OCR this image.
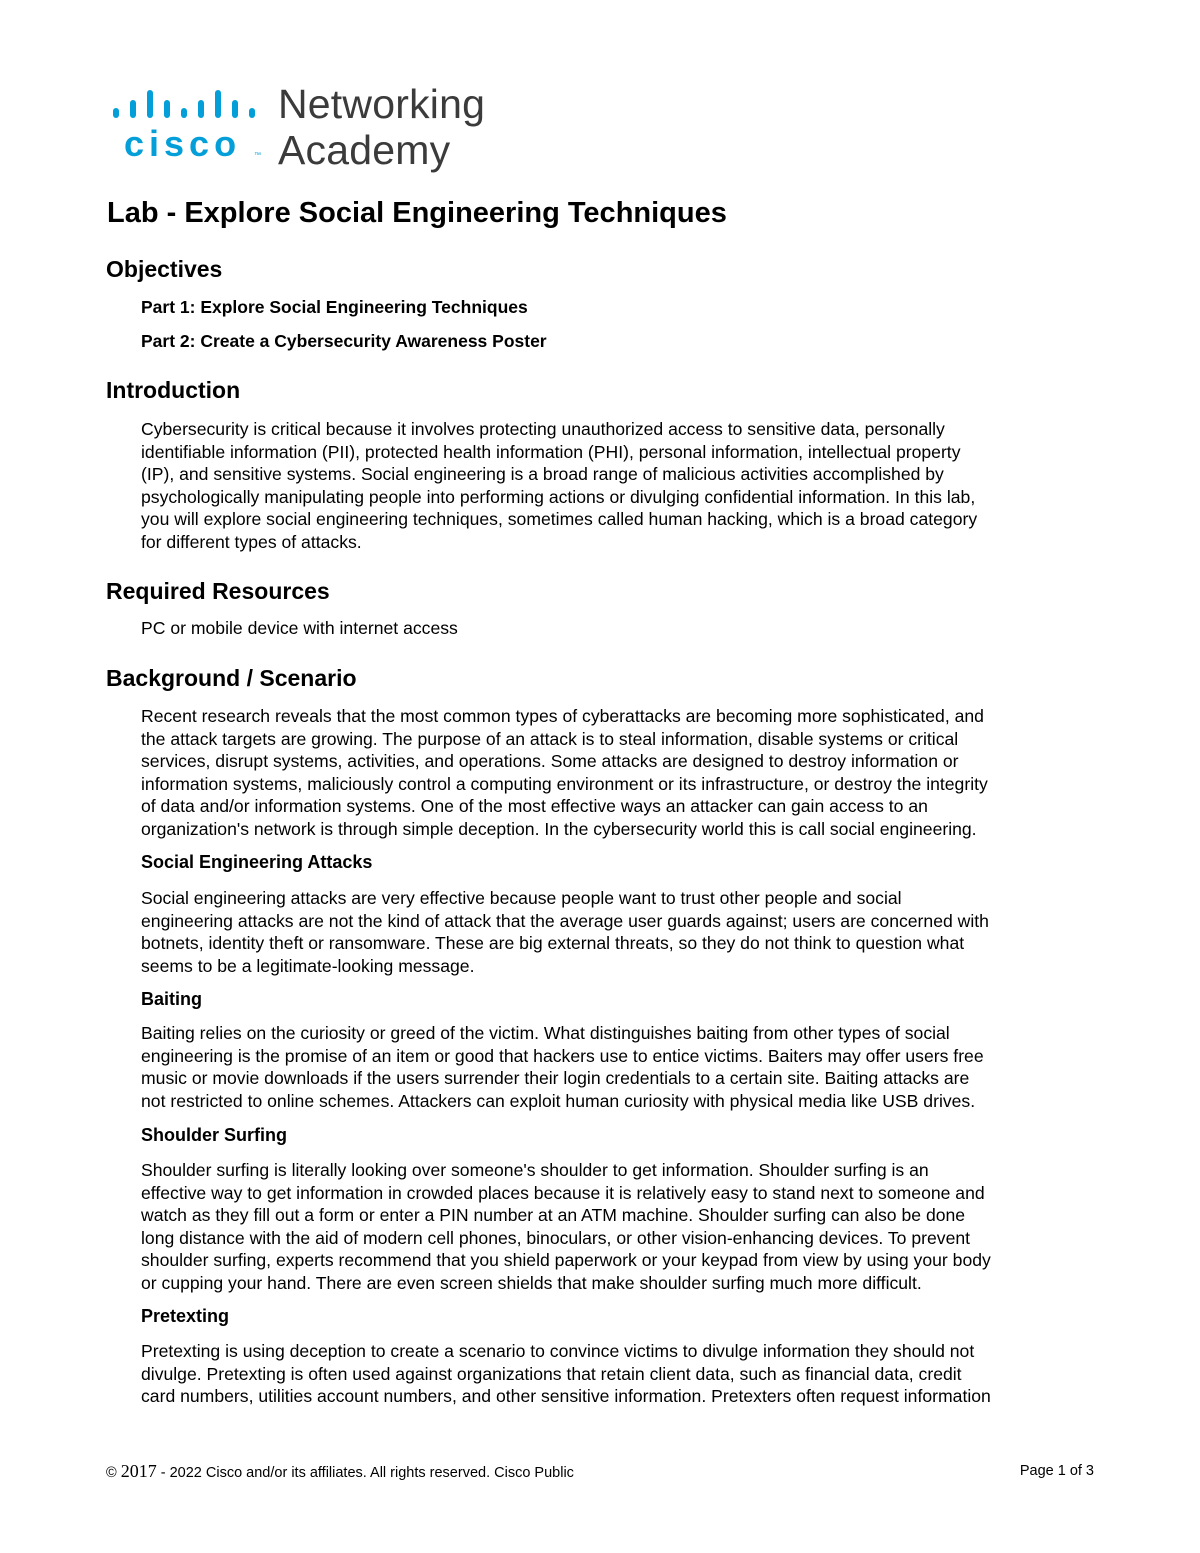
cisco ™
Networking
Academy
Lab - Explore Social Engineering Techniques
Objectives

Part 1: Explore Social Engineering Techniques

Part 2: Create a Cybersecurity Awareness Poster

Introduction
Cybersecurity is critical because it involves protecting unauthorized access to sensitive data, personally
identifiable information (PII), protected health information (PHI), personal information, intellectual property
(IP), and sensitive systems. Social engineering is a broad range of malicious activities accomplished by
psychologically manipulating people into performing actions or divulging confidential information. In this lab,
you will explore social engineering techniques, sometimes called human hacking, which is a broad category
for different types of attacks.
Required Resources
PC or mobile device with internet access
Background / Scenario
Recent research reveals that the most common types of cyberattacks are becoming more sophisticated, and
the attack targets are growing. The purpose of an attack is to steal information, disable systems or critical
services, disrupt systems, activities, and operations. Some attacks are designed to destroy information or
information systems, maliciously control a computing environment or its infrastructure, or destroy the integrity
of data and/or information systems. One of the most effective ways an attacker can gain access to an
organization's network is through simple deception. In the cybersecurity world this is call social engineering.
Social Engineering Attacks
Social engineering attacks are very effective because people want to trust other people and social
engineering attacks are not the kind of attack that the average user guards against; users are concerned with
botnets, identity theft or ransomware. These are big external threats, so they do not think to question what
seems to be a legitimate-looking message.
Baiting
Baiting relies on the curiosity or greed of the victim. What distinguishes baiting from other types of social
engineering is the promise of an item or good that hackers use to entice victims. Baiters may offer users free
music or movie downloads if the users surrender their login credentials to a certain site. Baiting attacks are
not restricted to online schemes. Attackers can exploit human curiosity with physical media like USB drives.
Shoulder Surfing
Shoulder surfing is literally looking over someone's shoulder to get information. Shoulder surfing is an
effective way to get information in crowded places because it is relatively easy to stand next to someone and
watch as they fill out a form or enter a PIN number at an ATM machine. Shoulder surfing can also be done
long distance with the aid of modern cell phones, binoculars, or other vision-enhancing devices. To prevent
shoulder surfing, experts recommend that you shield paperwork or your keypad from view by using your body
or cupping your hand. There are even screen shields that make shoulder surfing much more difficult.
Pretexting
Pretexting is using deception to create a scenario to convince victims to divulge information they should not
divulge. Pretexting is often used against organizations that retain client data, such as financial data, credit
card numbers, utilities account numbers, and other sensitive information. Pretexters often request information
© 2017 - 2022 Cisco and/or its affiliates. All rights reserved. Cisco Public	Page 1 of 3
